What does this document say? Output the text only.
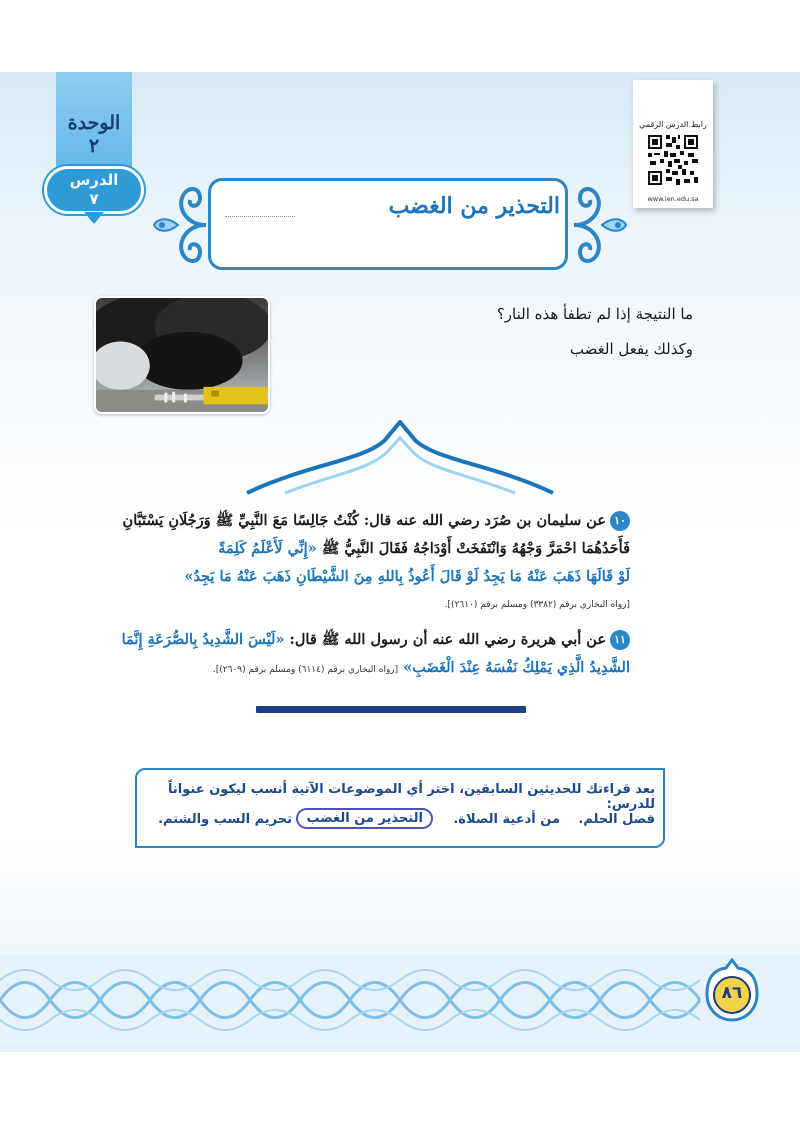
الوحدة
٢
الدرس
٧
رابط الدرس الرقمي
www.ien.edu.sa
التحذير من الغضب
ما النتيجة إذا لم تطفأ هذه النار؟
وكذلك يفعل الغضب
١٠عن سليمان بن صُرَد رضي الله عنه قال: كُنْتُ جَالِسًا مَعَ النَّبِيِّ ﷺ وَرَجُلَانِ يَسْتَبَّانِ
فَأَحَدُهُمَا احْمَرَّ وَجْهُهُ وَانْتَفَخَتْ أَوْدَاجُهُ فَقَالَ النَّبِيُّ ﷺ «إِنِّي لَأَعْلَمُ كَلِمَةً
لَوْ قَالَهَا ذَهَبَ عَنْهُ مَا يَجِدُ لَوْ قَالَ أَعُوذُ بِاللهِ مِنَ الشَّيْطَانِ ذَهَبَ عَنْهُ مَا يَجِدُ»
[رواه البخاري برقم (٣٣٨٢) ومسلم برقم (٢٦١٠)].
١١عن أبي هريرة رضي الله عنه أن رسول الله ﷺ قال: «لَيْسَ الشَّدِيدُ بِالصُّرَعَةِ إِنَّمَا
الشَّدِيدُ الَّذِي يَمْلِكُ نَفْسَهُ عِنْدَ الْغَضَبِ» [رواه البخاري برقم (٦١١٤) ومسلم برقم (٢٦٠٩)].
بعد قراءتك للحديثين السابقين، اختر أي الموضوعات الآتية أنسب ليكون عنواناً للدرس:
فضل الحلم.
من أدعية الصلاة.
التحذير من الغضب
تحريم السب والشتم.
٨٦
